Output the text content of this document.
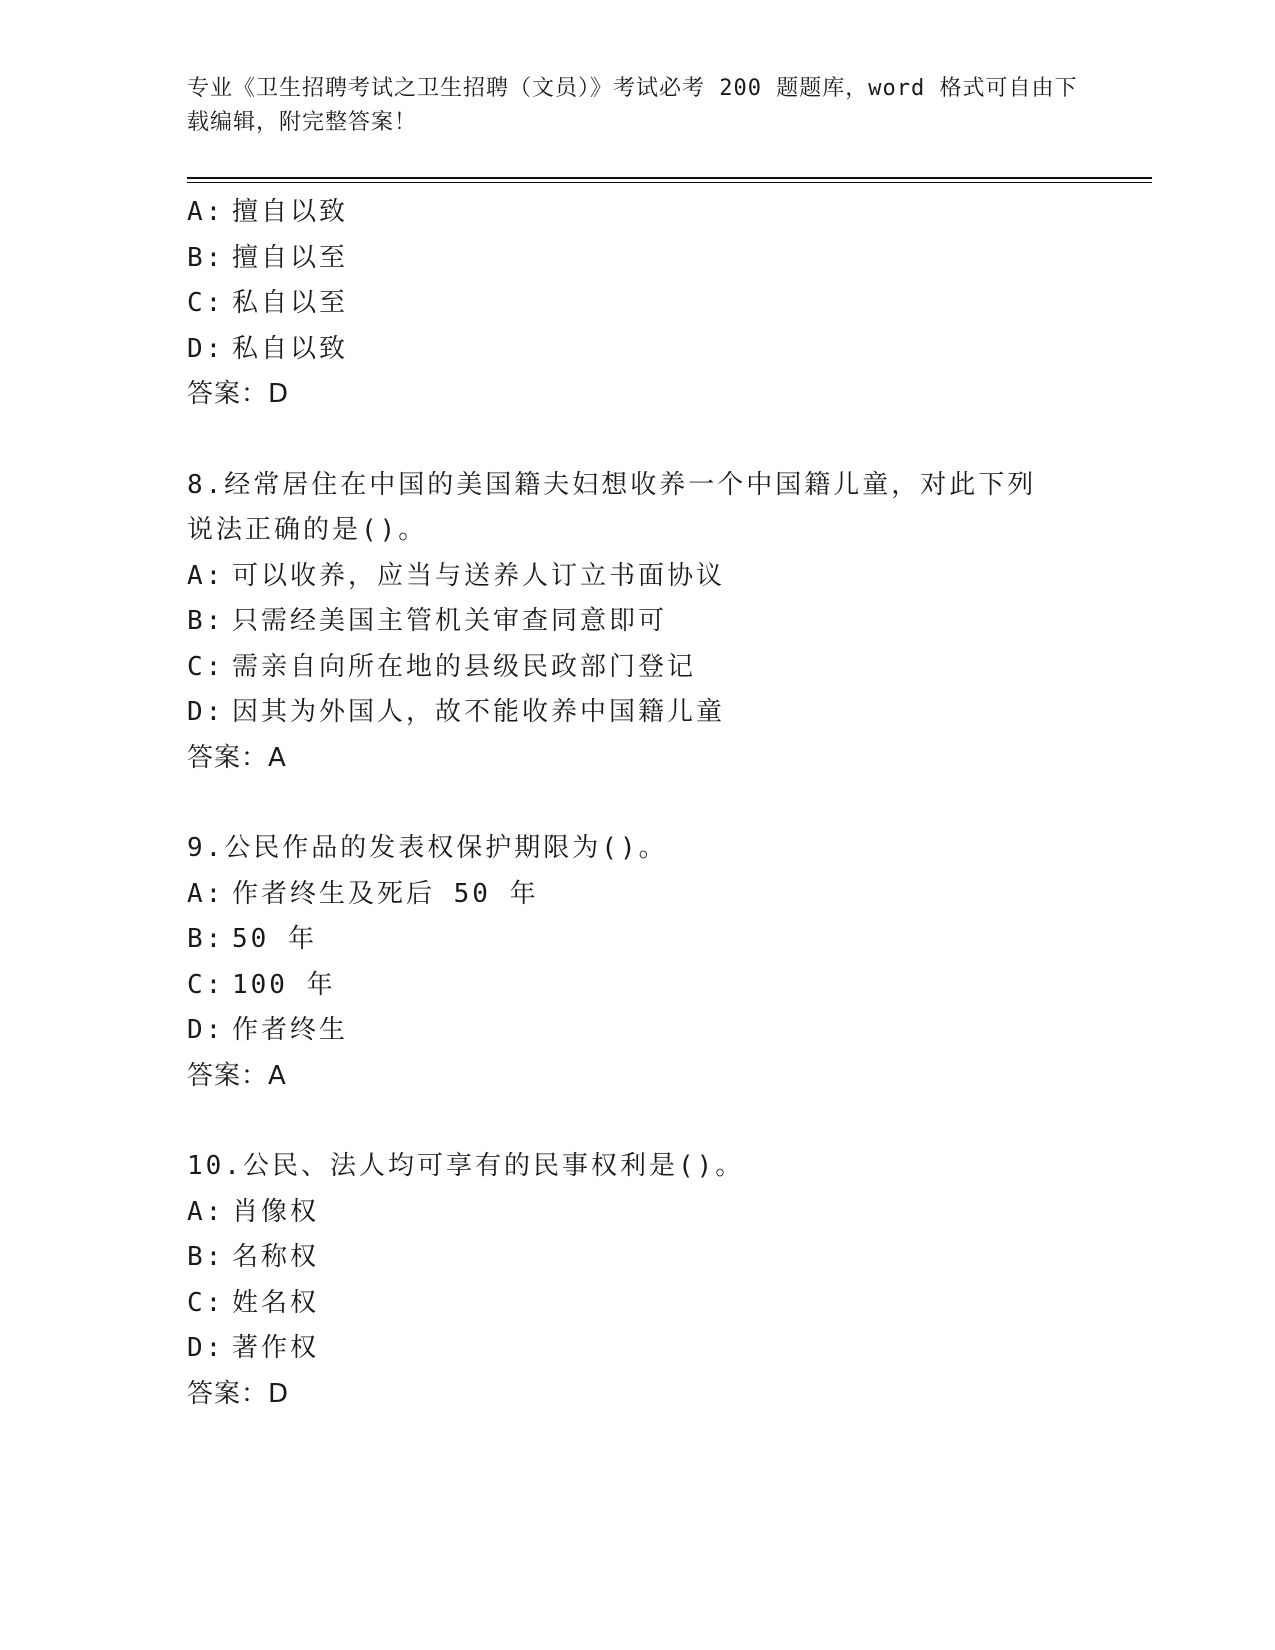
专业《卫生招聘考试之卫生招聘（文员）》考试必考 200 题题库，word 格式可自由下载编辑，附完整答案！
A: 擅自以致
B: 擅自以至
C: 私自以至
D: 私自以致
答案：D
8.经常居住在中国的美国籍夫妇想收养一个中国籍儿童，对此下列说法正确的是()。
A: 可以收养，应当与送养人订立书面协议
B: 只需经美国主管机关审查同意即可
C: 需亲自向所在地的县级民政部门登记
D: 因其为外国人，故不能收养中国籍儿童
答案：A
9.公民作品的发表权保护期限为()。
A: 作者终生及死后 50 年
B: 50 年
C: 100 年
D: 作者终生
答案：A
10.公民、法人均可享有的民事权利是()。
A: 肖像权
B: 名称权
C: 姓名权
D: 著作权
答案：D
